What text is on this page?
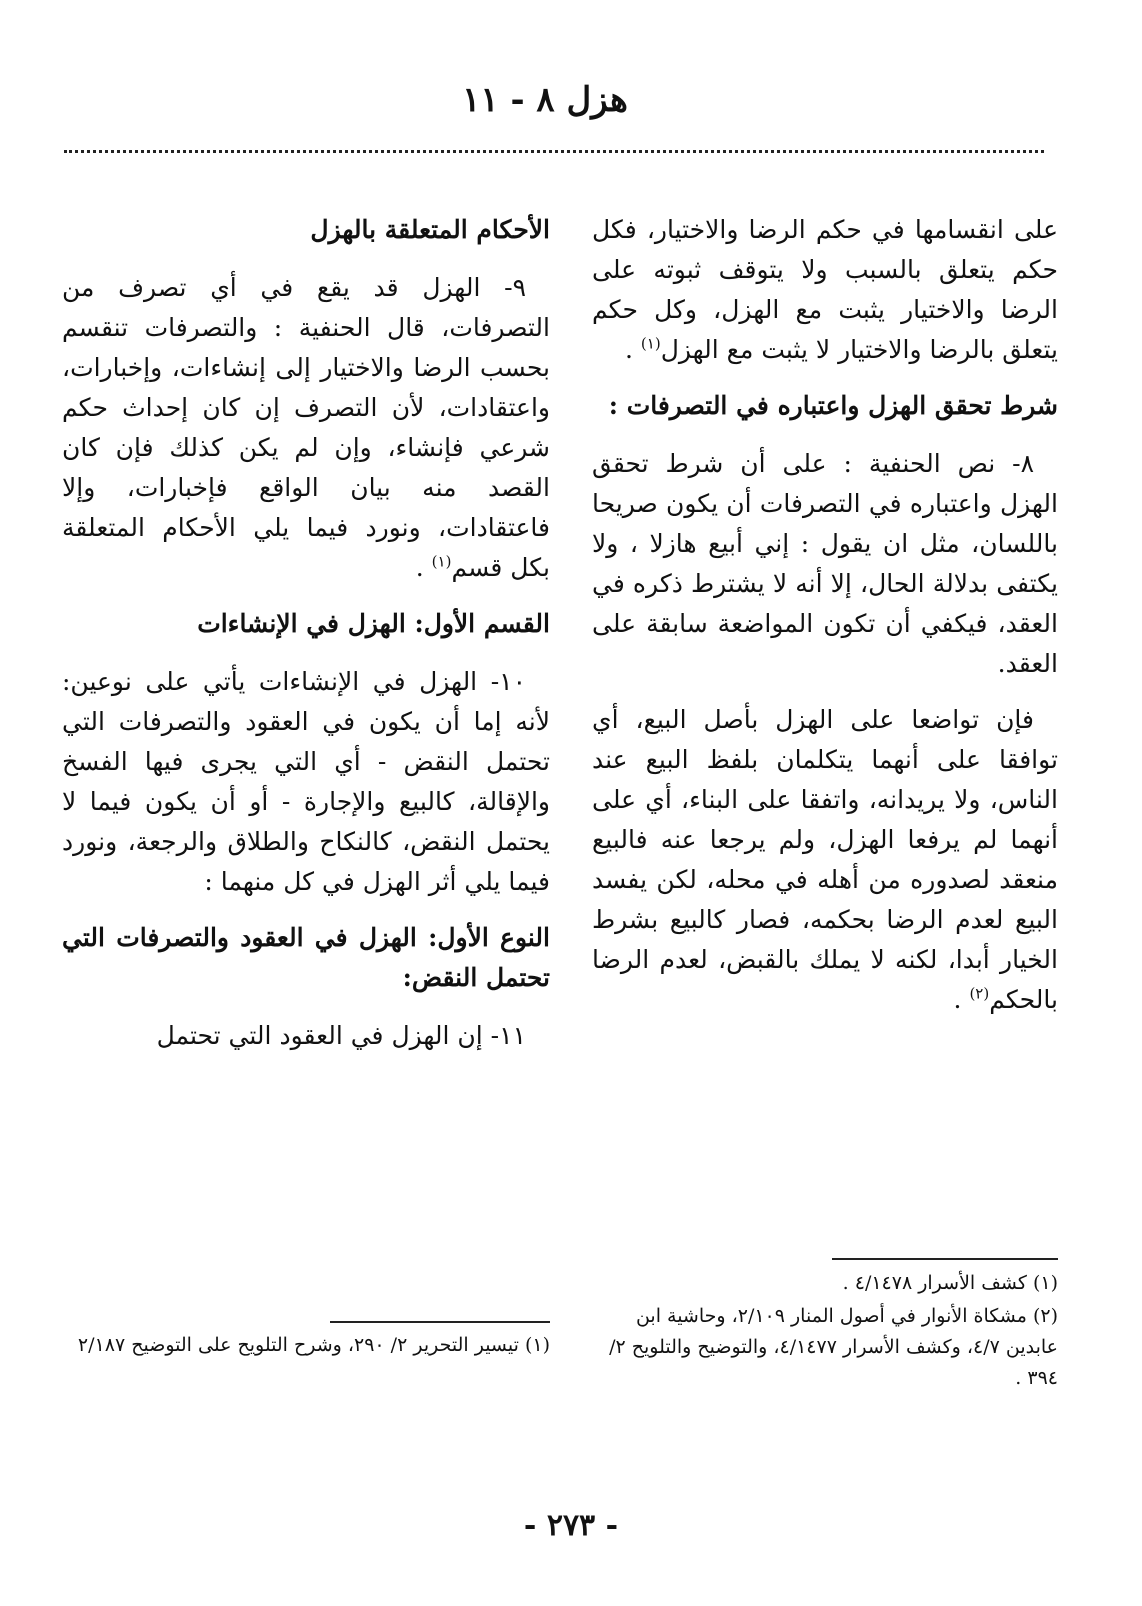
هزل ٨ - ١١

على انقسامها في حكم الرضا والاختيار، فكل حكم يتعلق بالسبب ولا يتوقف ثبوته على الرضا والاختيار يثبت مع الهزل، وكل حكم يتعلق بالرضا والاختيار لا يثبت مع الهزل$^{(١)}$ .

شرط تحقق الهزل واعتباره في التصرفات :

٨- نص الحنفية : على أن شرط تحقق الهزل واعتباره في التصرفات أن يكون صريحا باللسان، مثل ان يقول : إني أبيع هازلا ، ولا يكتفى بدلالة الحال، إلا أنه لا يشترط ذكره في العقد، فيكفي أن تكون المواضعة سابقة على العقد.

فإن تواضعا على الهزل بأصل البيع، أي توافقا على أنهما يتكلمان بلفظ البيع عند الناس، ولا يريدانه، واتفقا على البناء، أي على أنهما لم يرفعا الهزل، ولم يرجعا عنه فالبيع منعقد لصدوره من أهله في محله، لكن يفسد البيع لعدم الرضا بحكمه، فصار كالبيع بشرط الخيار أبدا، لكنه لا يملك بالقبض، لعدم الرضا بالحكم$^{(٢)}$ .

الأحكام المتعلقة بالهزل

٩- الهزل قد يقع في أي تصرف من التصرفات، قال الحنفية : والتصرفات تنقسم بحسب الرضا والاختيار إلى إنشاءات، وإخبارات، واعتقادات، لأن التصرف إن كان إحداث حكم شرعي فإنشاء، وإن لم يكن كذلك فإن كان القصد منه بيان الواقع فإخبارات، وإلا فاعتقادات، ونورد فيما يلي الأحكام المتعلقة بكل قسم$^{(١)}$ .

القسم الأول: الهزل في الإنشاءات

١٠- الهزل في الإنشاءات يأتي على نوعين: لأنه إما أن يكون في العقود والتصرفات التي تحتمل النقض - أي التي يجرى فيها الفسخ والإقالة، كالبيع والإجارة - أو أن يكون فيما لا يحتمل النقض، كالنكاح والطلاق والرجعة، ونورد فيما يلي أثر الهزل في كل منهما :

النوع الأول: الهزل في العقود والتصرفات التي تحتمل النقض:

١١- إن الهزل في العقود التي تحتمل

(١) كشف الأسرار ٤/١٤٧٨ .

(٢) مشكاة الأنوار في أصول المنار ٢/١٠٩، وحاشية ابن عابدين ٤/٧، وكشف الأسرار ٤/١٤٧٧، والتوضيح والتلويح ٢/ ٣٩٤ .

(١) تيسير التحرير ٢/ ٢٩٠، وشرح التلويح على التوضيح ٢/١٨٧

- ٢٧٣ -
